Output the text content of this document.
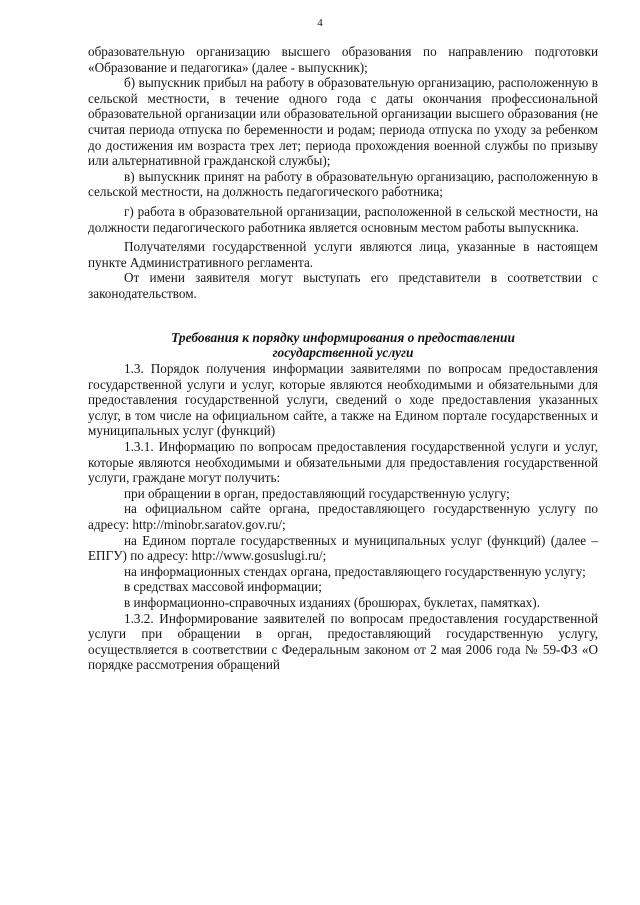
4

образовательную организацию высшего образования по направлению подготовки «Образование и педагогика» (далее - выпускник);

б) выпускник прибыл на работу в образовательную организацию, расположенную в сельской местности, в течение одного года с даты окончания профессиональной образовательной организации или образовательной организации высшего образования (не считая периода отпуска по беременности и родам; периода отпуска по уходу за ребенком до достижения им возраста трех лет; периода прохождения военной службы по призыву или альтернативной гражданской службы);

в) выпускник принят на работу в образовательную организацию, расположенную в сельской местности, на должность педагогического работника;

г) работа в образовательной организации, расположенной в сельской местности, на должности педагогического работника является основным местом работы выпускника.

Получателями государственной услуги являются лица, указанные в настоящем пункте Административного регламента.

От имени заявителя могут выступать его представители в соответствии с законодательством.

Требования к порядку информирования о предоставлении
государственной услуги

1.3. Порядок получения информации заявителями по вопросам предоставления государственной услуги и услуг, которые являются необходимыми и обязательными для предоставления государственной услуги, сведений о ходе предоставления указанных услуг, в том числе на официальном сайте, а также на Едином портале государственных и муниципальных услуг (функций)

1.3.1. Информацию по вопросам предоставления государственной услуги и услуг, которые являются необходимыми и обязательными для предоставления государственной услуги, граждане могут получить:

при обращении в орган, предоставляющий государственную услугу;

на официальном сайте органа, предоставляющего государственную услугу по адресу: http://minobr.saratov.gov.ru/;

на Едином портале государственных и муниципальных услуг (функций) (далее – ЕПГУ) по адресу: http://www.gosuslugi.ru/;

на информационных стендах органа, предоставляющего государственную услугу;

в средствах массовой информации;

в информационно-справочных изданиях (брошюрах, буклетах, памятках).

1.3.2. Информирование заявителей по вопросам предоставления государственной услуги при обращении в орган, предоставляющий государственную услугу, осуществляется в соответствии с Федеральным законом от 2 мая 2006 года № 59-ФЗ «О порядке рассмотрения обращений
